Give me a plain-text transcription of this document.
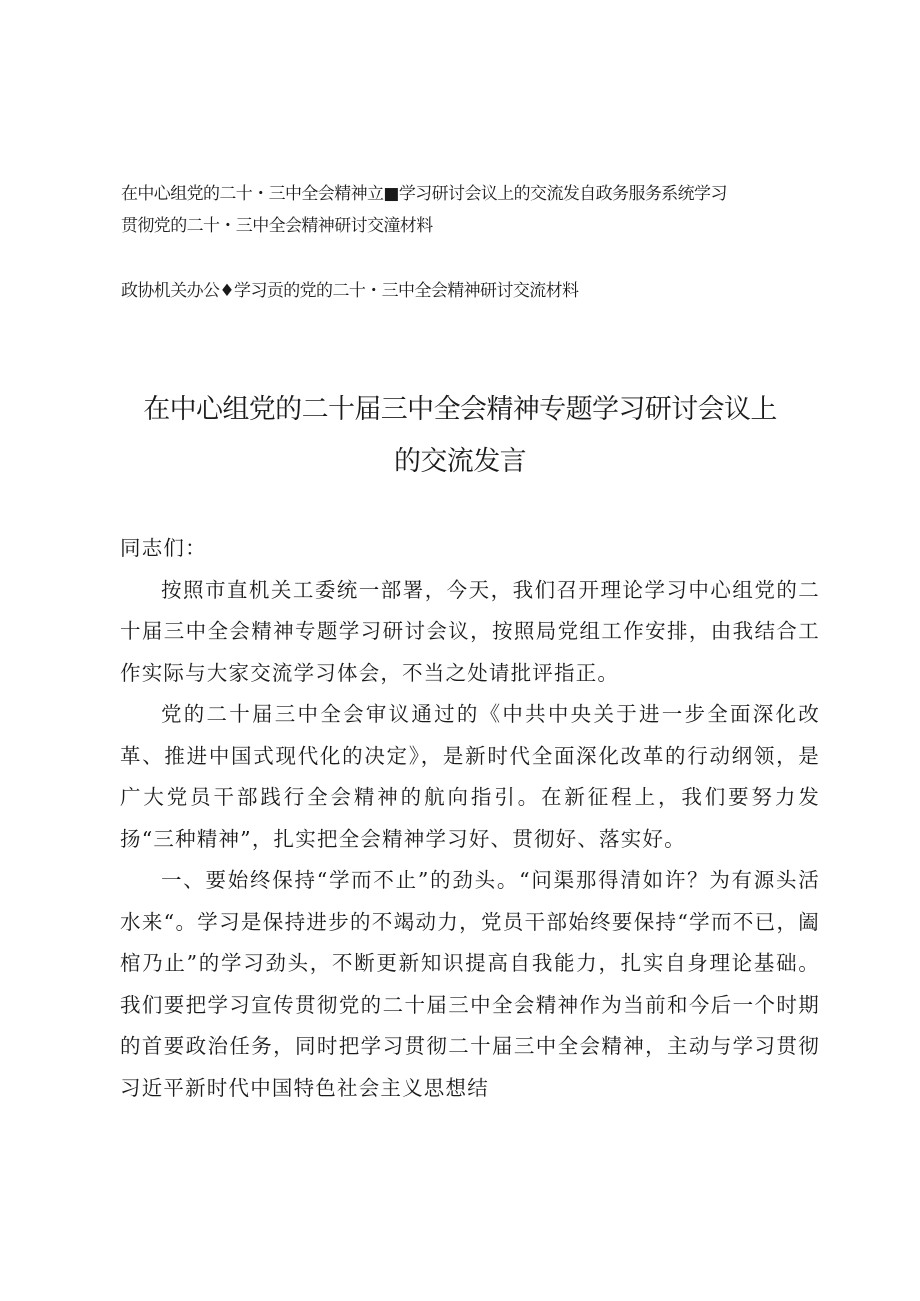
在中心组党的二十・三中全会精神立■学习研讨会议上的交流发自政务服务系统学习
贯彻党的二十・三中全会精神研讨交潼材料
政协机关办公♦学习贡的党的二十・三中全会精神研讨交流材料
在中心组党的二十届三中全会精神专题学习研讨会议上
的交流发言

同志们：

按照市直机关工委统一部署，今天，我们召开理论学习中心组党的二十届三中全会精神专题学习研讨会议，按照局党组工作安排，由我结合工作实际与大家交流学习体会，不当之处请批评指正。

党的二十届三中全会审议通过的《中共中央关于进一步全面深化改革、推进中国式现代化的决定》，是新时代全面深化改革的行动纲领，是广大党员干部践行全会精神的航向指引。在新征程上，我们要努力发扬“三种精神”，扎实把全会精神学习好、贯彻好、落实好。

一、要始终保持“学而不止”的劲头。“问渠那得清如许？为有源头活水来“。学习是保持进步的不竭动力，党员干部始终要保持“学而不已，阖棺乃止”的学习劲头，不断更新知识提高自我能力，扎实自身理论基础。我们要把学习宣传贯彻党的二十届三中全会精神作为当前和今后一个时期的首要政治任务，同时把学习贯彻二十届三中全会精神，主动与学习贯彻习近平新时代中国特色社会主义思想结
